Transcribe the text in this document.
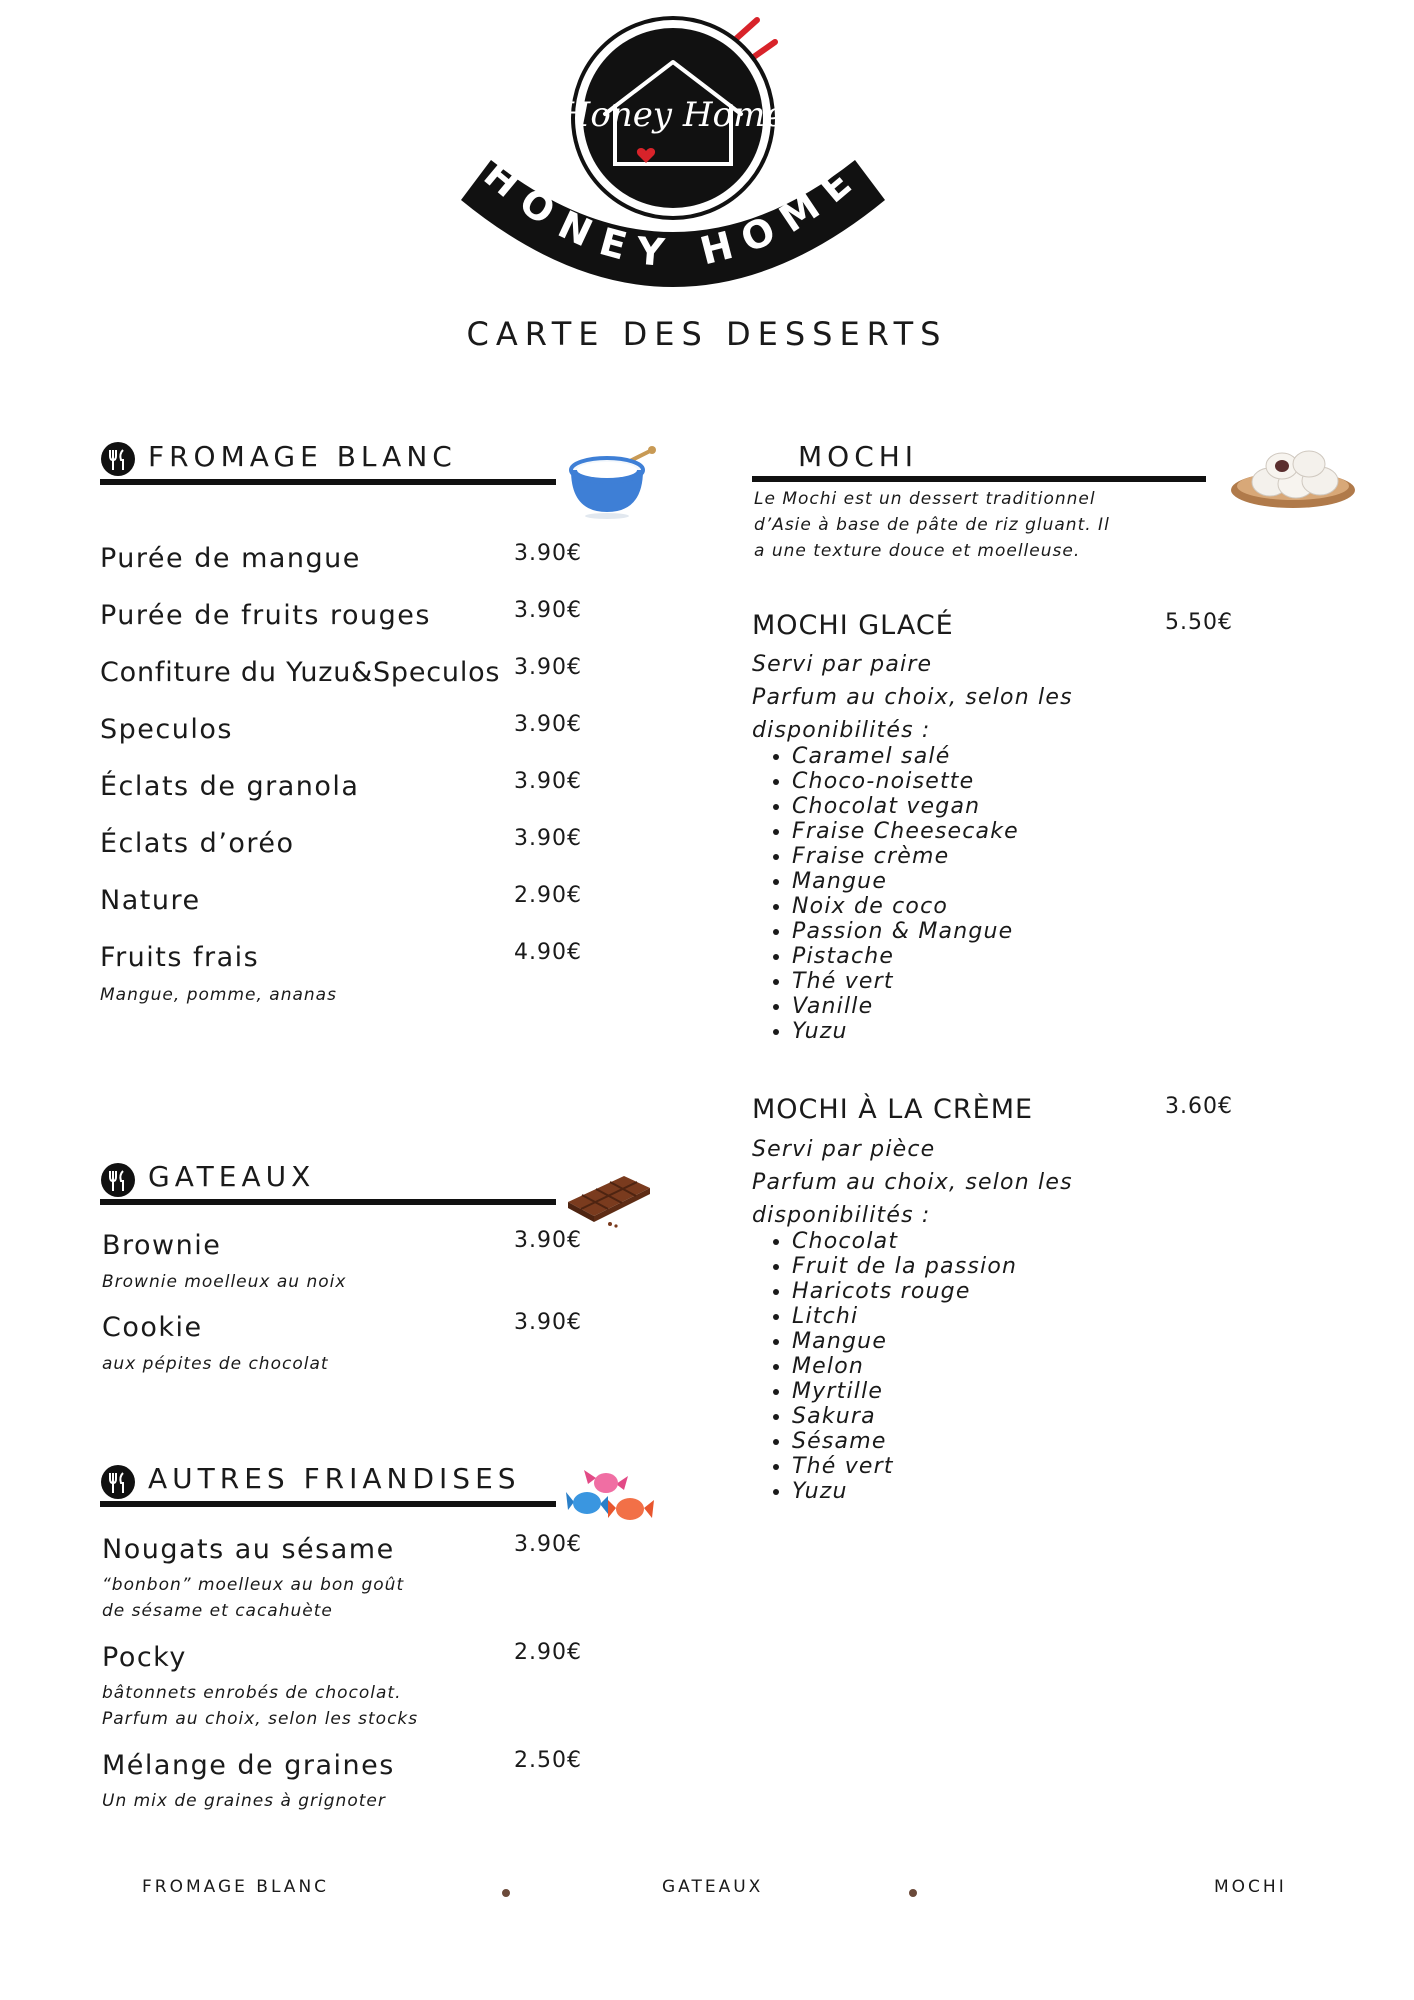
Honey Home
HONEY HOME
CARTE DES DESSERTS
FROMAGE BLANC
Purée de mangue	3.90€
Purée de fruits rouges	3.90€
Confiture du Yuzu&Speculos 3.90€
Speculos	3.90€
Éclats de granola	3.90€
Éclats d’oréo	3.90€
Nature	2.90€
Fruits frais	4.90€
Mangue, pomme, ananas
GATEAUX
Brownie	3.90€
Brownie moelleux au noix
Cookie	3.90€
aux pépites de chocolat
AUTRES FRIANDISES
Nougats au sésame	3.90€
“bonbon” moelleux au bon goût de sésame et cacahuète
Pocky	2.90€
bâtonnets enrobés de chocolat. Parfum au choix, selon les stocks
Mélange de graines	2.50€
Un mix de graines à grignoter
MOCHI
Le Mochi est un dessert traditionnel d’Asie à base de pâte de riz gluant. Il a une texture douce et moelleuse.
MOCHI GLACÉ	5.50€
Servi par paire
Parfum au choix, selon les disponibilités :
• Caramel salé
• Choco-noisette
• Chocolat vegan
• Fraise Cheesecake
• Fraise crème
• Mangue
• Noix de coco
• Passion & Mangue
• Pistache
• Thé vert
• Vanille
• Yuzu
MOCHI À LA CRÈME	3.60€
Servi par pièce
Parfum au choix, selon les disponibilités :
• Chocolat
• Fruit de la passion
• Haricots rouge
• Litchi
• Mangue
• Melon
• Myrtille
• Sakura
• Sésame
• Thé vert
• Yuzu
FROMAGE BLANC	GATEAUX	MOCHI
